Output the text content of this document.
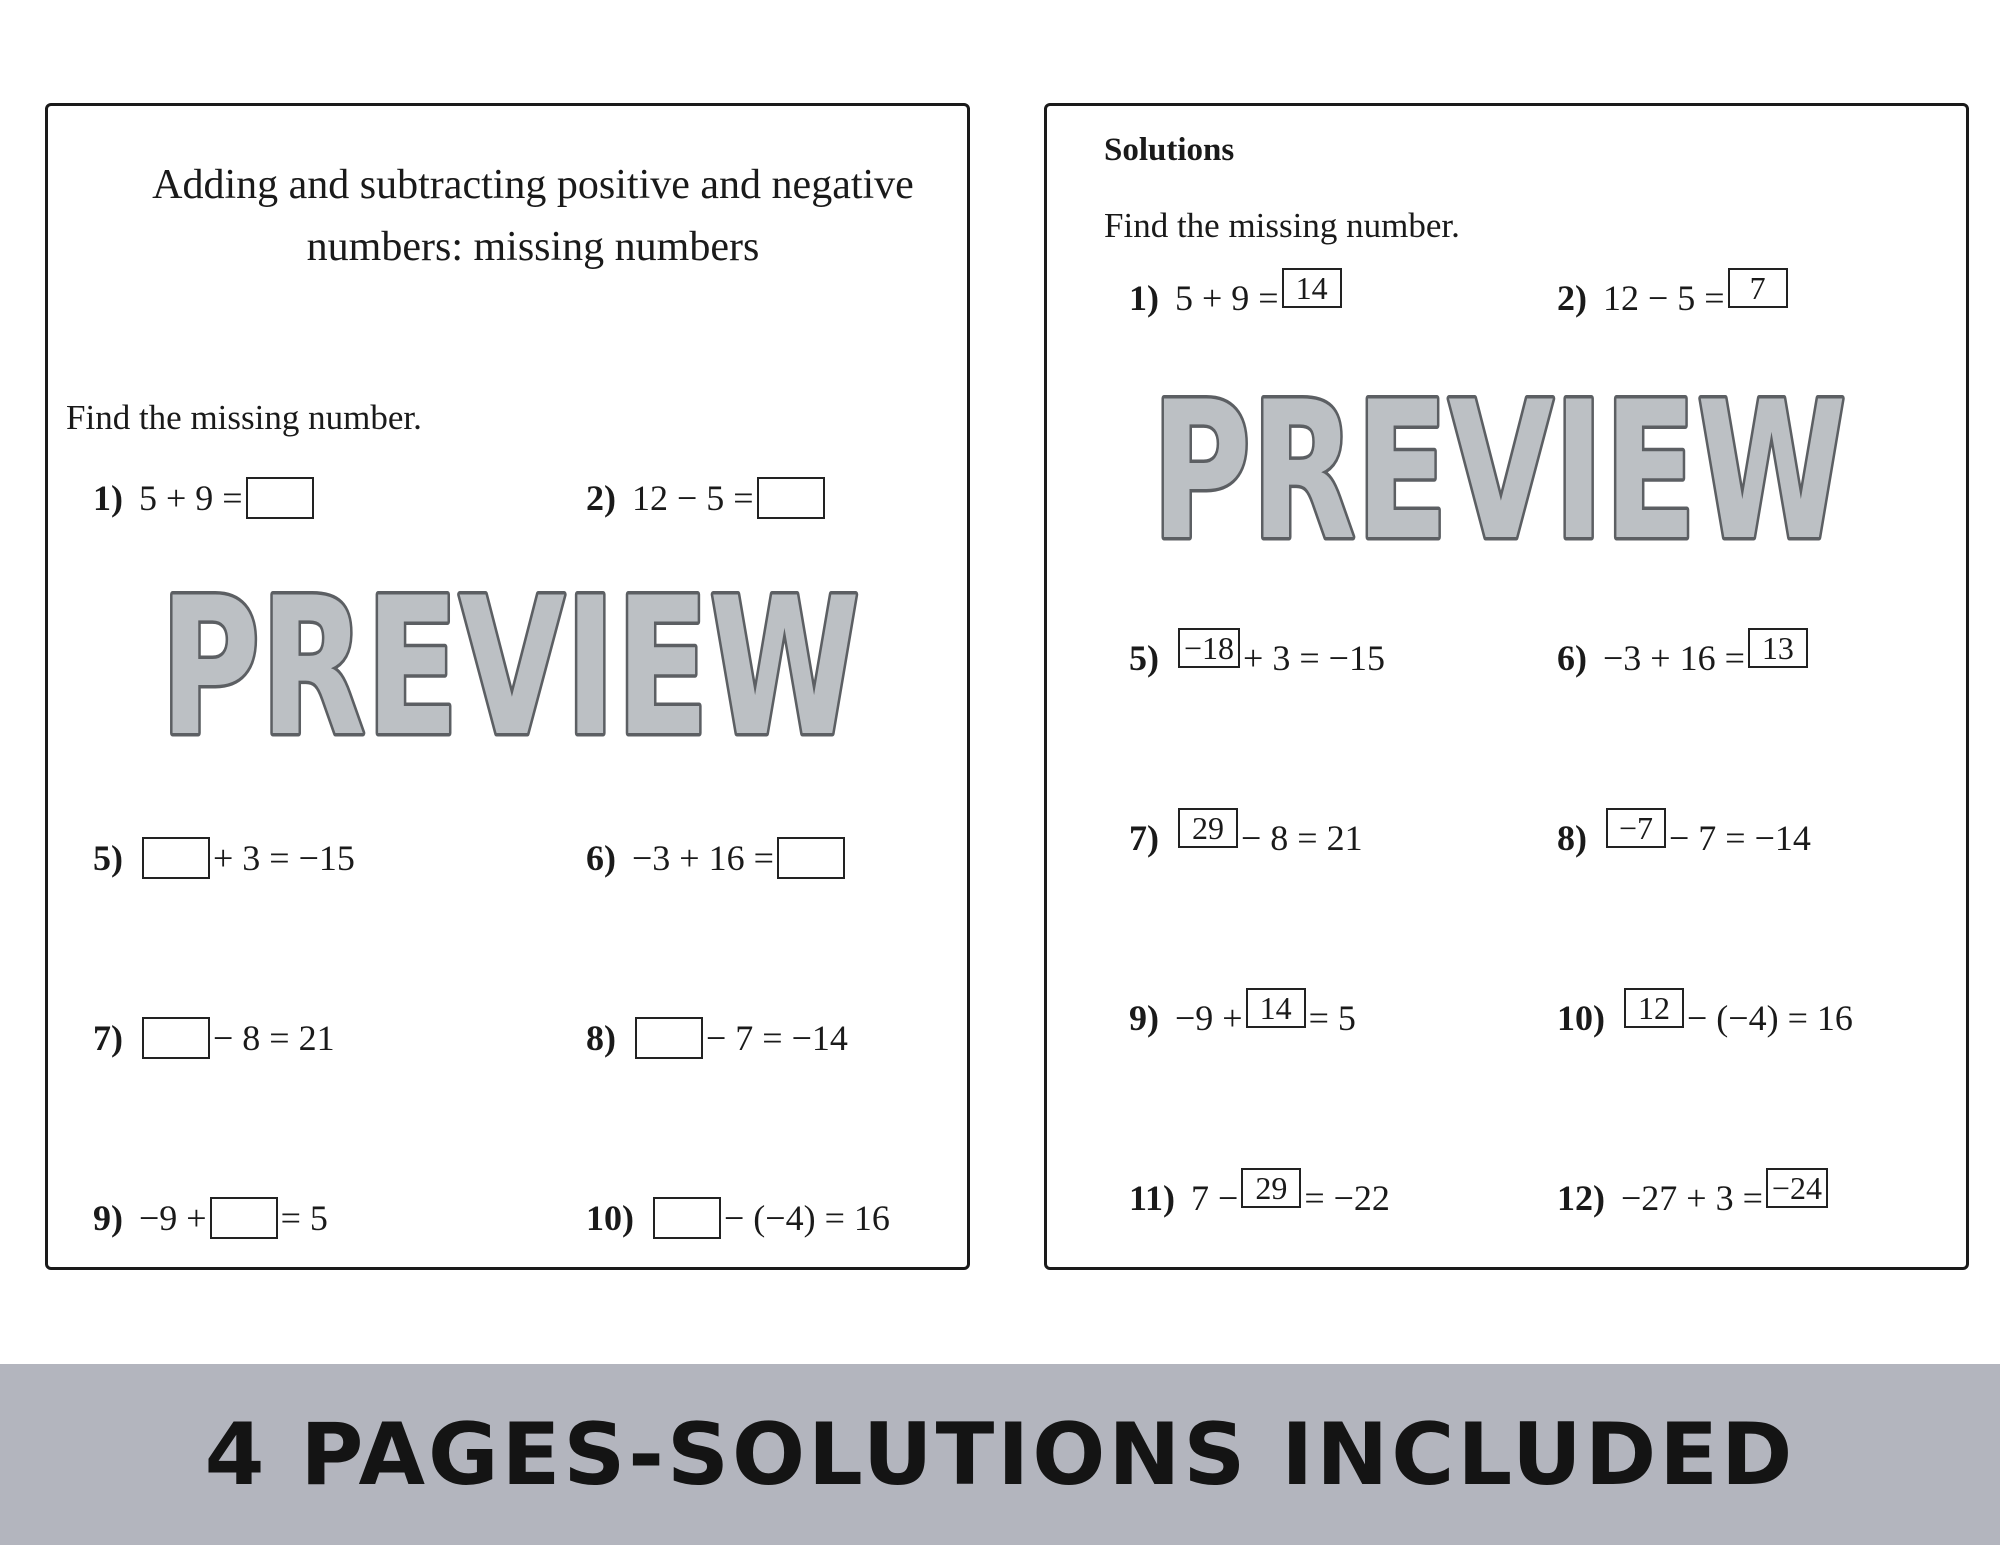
Adding and subtracting positive and negative numbers: missing numbers
Find the missing number.
1) 5 + 9 =	2) 12 − 5 =
5)	+ 3 = −15	6) −3 + 16 =
7)	− 8 = 21	8)	− 7 = −14
9) −9 + = 5	10)	− (−4) = 16
Solutions
Find the missing number.
1) 5 + 9 = 14	2) 12 − 5 = 7
5) −18 + 3 = −15	6) −3 + 16 = 13
7)	29 − 8 = 21	8) −7 − 7 = −14
9) −9 + 14 = 5	10)	12 − (−4) = 16
11) 7 − 29 = −22	12) −27 + 3 = −24
PREVIEW
PREVIEW
4 PAGES-SOLUTIONS INCLUDED
